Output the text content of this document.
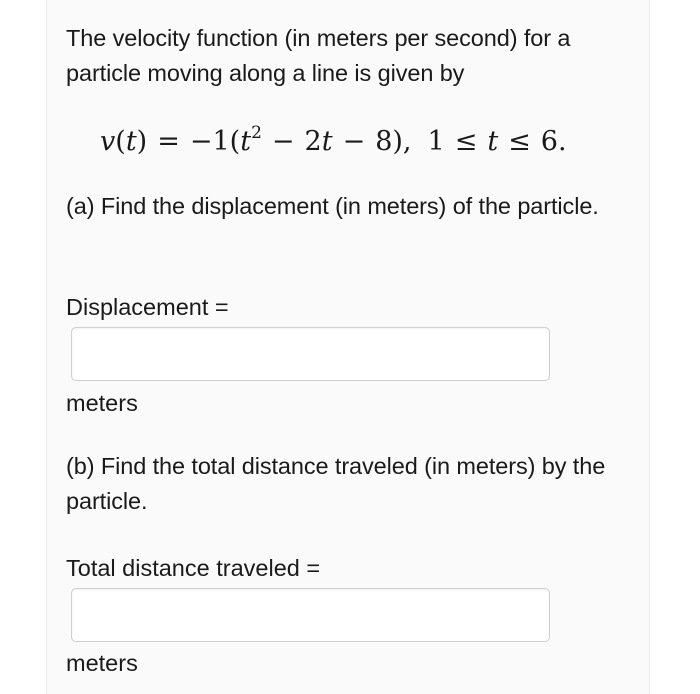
The velocity function (in meters per second) for a particle moving along a line is given by
$v(t) = -1(t^2 - 2t - 8)$, 1 ≤ t ≤ 6.
(a) Find the displacement (in meters) of the particle.
Displacement =
meters
(b) Find the total distance traveled (in meters) by the particle.
Total distance traveled =
meters
